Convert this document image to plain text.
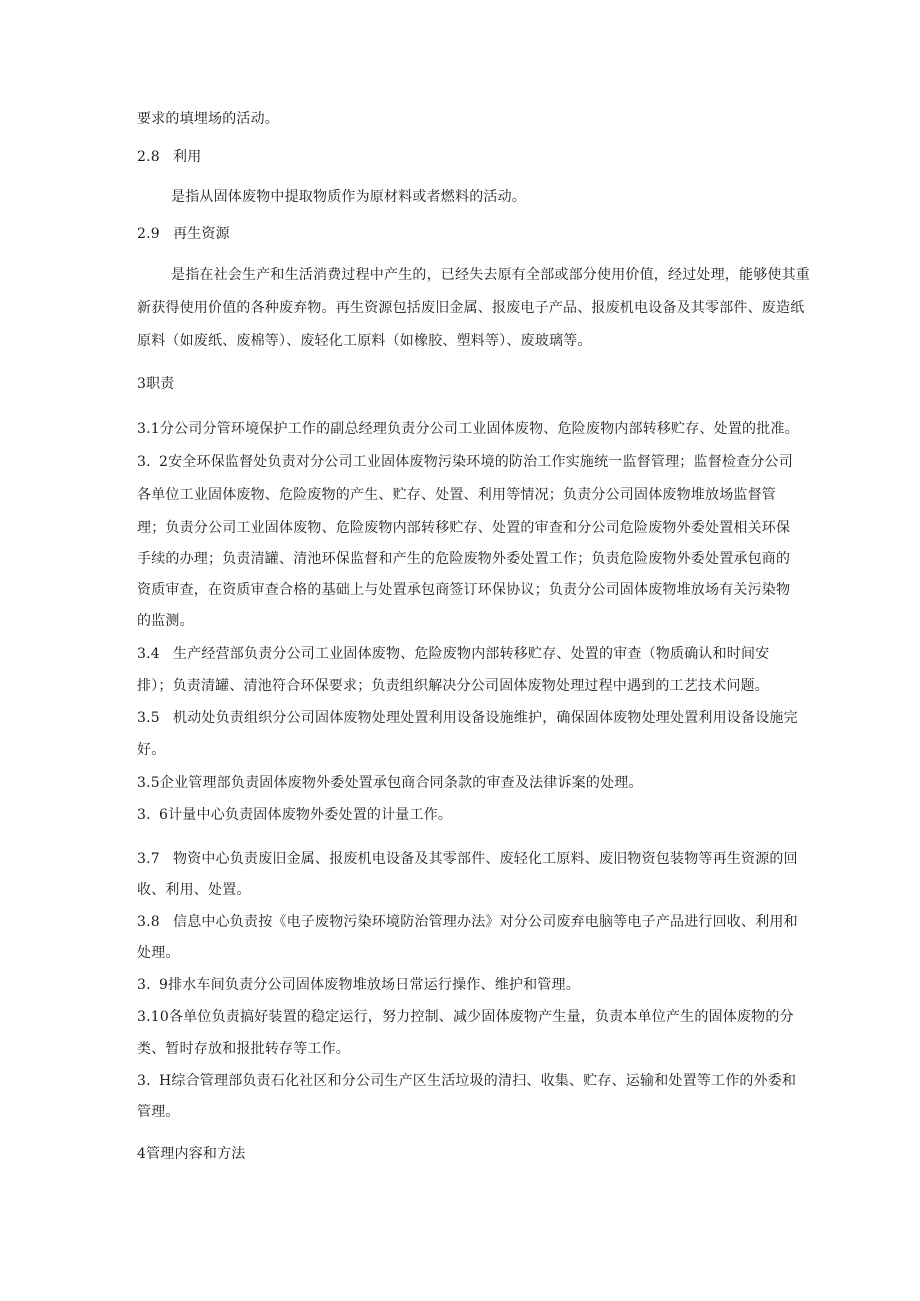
要求的填埋场的活动。
2.8 利用
是指从固体废物中提取物质作为原材料或者燃料的活动。
2.9 再生资源
是指在社会生产和生活消费过程中产生的，已经失去原有全部或部分使用价值，经过处理，能够使其重
新获得使用价值的各种废弃物。再生资源包括废旧金属、报废电子产品、报废机电设备及其零部件、废造纸
原料（如废纸、废棉等）、废轻化工原料（如橡胶、塑料等）、废玻璃等。
3职责
3.1分公司分管环境保护工作的副总经理负责分公司工业固体废物、危险废物内部转移贮存、处置的批准。
3. 2安全环保监督处负责对分公司工业固体废物污染环境的防治工作实施统一监督管理；监督检查分公司
各单位工业固体废物、危险废物的产生、贮存、处置、利用等情况；负责分公司固体废物堆放场监督管
理；负责分公司工业固体废物、危险废物内部转移贮存、处置的审查和分公司危险废物外委处置相关环保
手续的办理；负责清罐、清池环保监督和产生的危险废物外委处置工作；负责危险废物外委处置承包商的
资质审查，在资质审查合格的基础上与处置承包商签订环保协议；负责分公司固体废物堆放场有关污染物
的监测。
3.4 生产经营部负责分公司工业固体废物、危险废物内部转移贮存、处置的审查（物质确认和时间安
排）；负责清罐、清池符合环保要求；负责组织解决分公司固体废物处理过程中遇到的工艺技术问题。
3.5 机动处负责组织分公司固体废物处理处置利用设备设施维护，确保固体废物处理处置利用设备设施完
好。
3.5企业管理部负责固体废物外委处置承包商合同条款的审查及法律诉案的处理。
3. 6计量中心负责固体废物外委处置的计量工作。
3.7 物资中心负责废旧金属、报废机电设备及其零部件、废轻化工原料、废旧物资包装物等再生资源的回
收、利用、处置。
3.8 信息中心负责按《电子废物污染环境防治管理办法》对分公司废弃电脑等电子产品进行回收、利用和
处理。
3. 9排水车间负责分公司固体废物堆放场日常运行操作、维护和管理。
3.10各单位负责搞好装置的稳定运行，努力控制、减少固体废物产生量，负责本单位产生的固体废物的分
类、暂时存放和报批转存等工作。
3. H综合管理部负责石化社区和分公司生产区生活垃圾的清扫、收集、贮存、运输和处置等工作的外委和
管理。
4管理内容和方法
